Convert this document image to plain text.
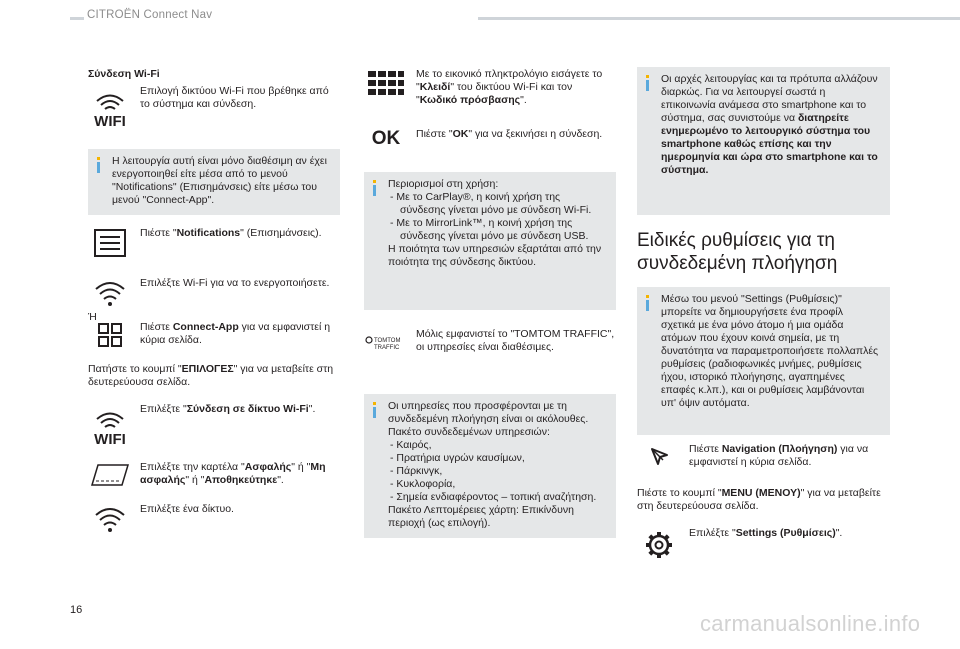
CITROËN Connect Nav
Σύνδεση Wi-Fi
WIFI
Επιλογή δικτύου Wi-Fi που βρέθηκε από το σύστημα και σύνδεση.
Η λειτουργία αυτή είναι μόνο διαθέσιμη αν έχει ενεργοποιηθεί είτε μέσα από το μενού "Notifications" (Επισημάνσεις) είτε μέσω του μενού "Connect-App".
Πιέστε "Notifications" (Επισημάνσεις).
Επιλέξτε Wi-Fi για να το ενεργοποιήσετε.
Ή
Πιέστε Connect-App για να εμφανιστεί η κύρια σελίδα.
Πατήστε το κουμπί "ΕΠΙΛΟΓΕΣ" για να μεταβείτε στη δευτερεύουσα σελίδα.
WIFI
Επιλέξτε "Σύνδεση σε δίκτυο Wi-Fi".
Επιλέξτε την καρτέλα "Ασφαλής" ή "Μη ασφαλής" ή "Αποθηκεύτηκε".
Επιλέξτε ένα δίκτυο.
Με το εικονικό πληκτρολόγιο εισάγετε το "Κλειδί" του δικτύου Wi-Fi και τον "Κωδικό πρόσβασης".
OK Πιέστε "OK" για να ξεκινήσει η σύνδεση.
Περιορισμοί στη χρήση:
- Με το CarPlay®, η κοινή χρήση της σύνδεσης γίνεται μόνο με σύνδεση Wi-Fi.
- Με το MirrorLink™, η κοινή χρήση της σύνδεσης γίνεται μόνο με σύνδεση USB.
Η ποιότητα των υπηρεσιών εξαρτάται από την ποιότητα της σύνδεσης δικτύου.
TOMTOM
TRAFFIC
Μόλις εμφανιστεί το "TOMTOM TRAFFIC", οι υπηρεσίες είναι διαθέσιμες.
Οι υπηρεσίες που προσφέρονται με τη συνδεδεμένη πλοήγηση είναι οι ακόλουθες.
Πακέτο συνδεδεμένων υπηρεσιών:
- Καιρός,
- Πρατήρια υγρών καυσίμων,
- Πάρκινγκ,
- Κυκλοφορία,
- Σημεία ενδιαφέροντος – τοπική αναζήτηση.
Πακέτο Λεπτομέρειες χάρτη: Επικίνδυνη περιοχή (ως επιλογή).
Οι αρχές λειτουργίας και τα πρότυπα αλλάζουν διαρκώς. Για να λειτουργεί σωστά η επικοινωνία ανάμεσα στο smartphone και το σύστημα, σας συνιστούμε να διατηρείτε ενημερωμένο το λειτουργικό σύστημα του smartphone καθώς επίσης και την ημερομηνία και ώρα στο smartphone και το σύστημα.
Ειδικές ρυθμίσεις για τη συνδεδεμένη πλοήγηση
Μέσω του μενού "Settings (Ρυθμίσεις)" μπορείτε να δημιουργήσετε ένα προφίλ σχετικά με ένα μόνο άτομο ή μια ομάδα ατόμων που έχουν κοινά σημεία, με τη δυνατότητα να παραμετροποιήσετε πολλαπλές ρυθμίσεις (ραδιοφωνικές μνήμες, ρυθμίσεις ήχου, ιστορικό πλοήγησης, αγαπημένες επαφές κ.λπ.), και οι ρυθμίσεις λαμβάνονται υπ' όψιν αυτόματα.
Πιέστε Navigation (Πλοήγηση) για να εμφανιστεί η κύρια σελίδα.
Πιέστε το κουμπί "MENU (ΜΕΝΟΥ)" για να μεταβείτε στη δευτερεύουσα σελίδα.
Επιλέξτε "Settings (Ρυθμίσεις)".
16
carmanualsonline.info
